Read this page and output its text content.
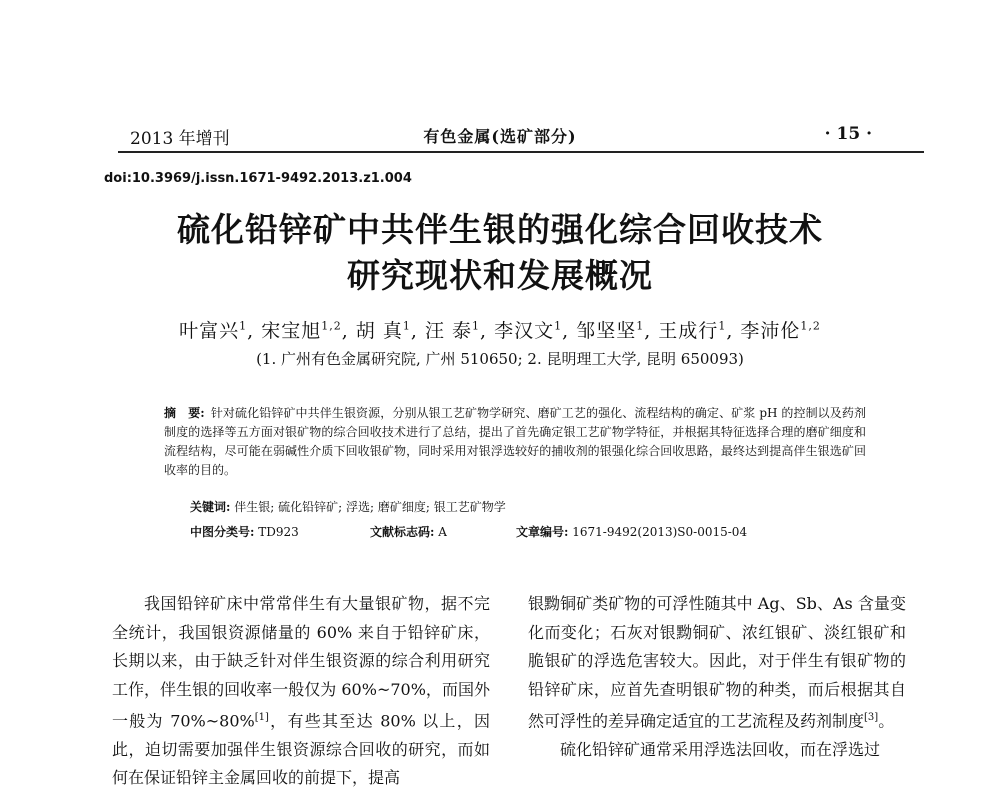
2013 年增刊	有色金属(选矿部分)	· 15 ·
doi:10.3969/j.issn.1671-9492.2013.z1.004
硫化铅锌矿中共伴生银的强化综合回收技术
研究现状和发展概况
叶富兴$^1$, 宋宝旭$^{1,2}$, 胡 真$^1$, 汪 泰$^1$, 李汉文$^1$, 邹坚坚$^1$, 王成行$^1$, 李沛伦$^{1,2}$
(1. 广州有色金属研究院, 广州 510650; 2. 昆明理工大学, 昆明 650093)
摘　要: 针对硫化铅锌矿中共伴生银资源，分别从银工艺矿物学研究、磨矿工艺的强化、流程结构的确定、矿浆 pH 的控制以及药剂制度的选择等五方面对银矿物的综合回收技术进行了总结，提出了首先确定银工艺矿物学特征，并根据其特征选择合理的磨矿细度和流程结构，尽可能在弱碱性介质下回收银矿物，同时采用对银浮选较好的捕收剂的银强化综合回收思路，最终达到提高伴生银选矿回收率的目的。
关键词: 伴生银; 硫化铅锌矿; 浮选; 磨矿细度; 银工艺矿物学
中图分类号: TD923	文献标志码: A	文章编号: 1671-9492(2013)S0-0015-04
我国铅锌矿床中常常伴生有大量银矿物，据不完全统计，我国银资源储量的 60% 来自于铅锌矿床，长期以来，由于缺乏针对伴生银资源的综合利用研究工作，伴生银的回收率一般仅为 60%~70%，而国外一般为 70%~80%[1]，有些其至达 80% 以上，因此，迫切需要加强伴生银资源综合回收的研究，而如何在保证铅锌主金属回收的前提下，提高
银黝铜矿类矿物的可浮性随其中 Ag、Sb、As 含量变化而变化；石灰对银黝铜矿、浓红银矿、淡红银矿和脆银矿的浮选危害较大。因此，对于伴生有银矿物的铅锌矿床，应首先查明银矿物的种类，而后根据其自然可浮性的差异确定适宜的工艺流程及药剂制度[3]。
硫化铅锌矿通常采用浮选法回收，而在浮选过
